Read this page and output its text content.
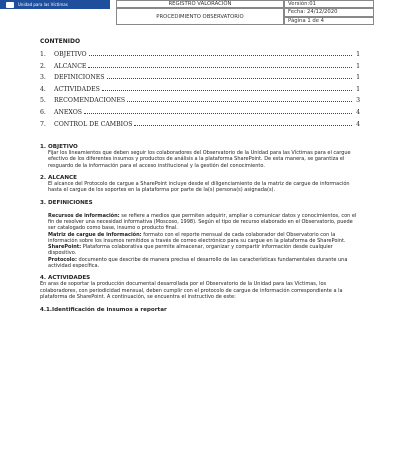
Unidad para las Víctimas	REGISTRO VALORACIÓN
PROCEDIMIENTO OBSERVATORIO
Versión:01
Fecha: 24/12/2020
Página 1 de 4
CONTENIDO
1.	OBJETIVO	1
2.	ALCANCE	1
3.	DEFINICIONES	1
4.	ACTIVIDADES	1
5.	RECOMENDACIONES	3
6.	ANEXOS	4
7.	CONTROL DE CAMBIOS	4
1. OBJETIVO
Fijar los lineamientos que deben seguir los colaboradores del Observatorio de la Unidad para las Víctimas para el cargue efectivo de los diferentes insumos y productos de análisis a la plataforma SharePoint. De esta manera, se garantiza el resguardo de la información para el acceso institucional y la gestión del conocimiento.
2. ALCANCE
El alcance del Protocolo de cargue a SharePoint incluye desde el diligenciamiento de la matriz de cargue de información hasta el cargue de los soportes en la plataforma por parte de la(s) persona(s) asignada(s).
3. DEFINICIONES
Recursos de información: se refiere a medios que permiten adquirir, ampliar o comunicar datos y conocimientos, con el fin de resolver una necesidad informativa (Moscoso, 1998). Según el tipo de recurso elaborado en el Observatorio, puede ser catalogado como base, insumo o producto final.
Matriz de cargue de información: formato con el reporte mensual de cada colaborador del Observatorio con la información sobre los insumos remitidos a través de correo electrónico para su cargue en la plataforma de SharePoint.
SharePoint: Plataforma colaborativa que permite almacenar, organizar y compartir información desde cualquier dispositivo.
Protocolo: documento que describe de manera precisa el desarrollo de las características fundamentales durante una actividad específica.
4. ACTIVIDADES
En aras de soportar la producción documental desarrollada por el Observatorio de la Unidad para las Víctimas, los colaboradores, con periodicidad mensual, deben cumplir con el protocolo de cargue de información correspondiente a la plataforma de SharePoint. A continuación, se encuentra el instructivo de este:
4.1.Identificación de insumos a reportar
